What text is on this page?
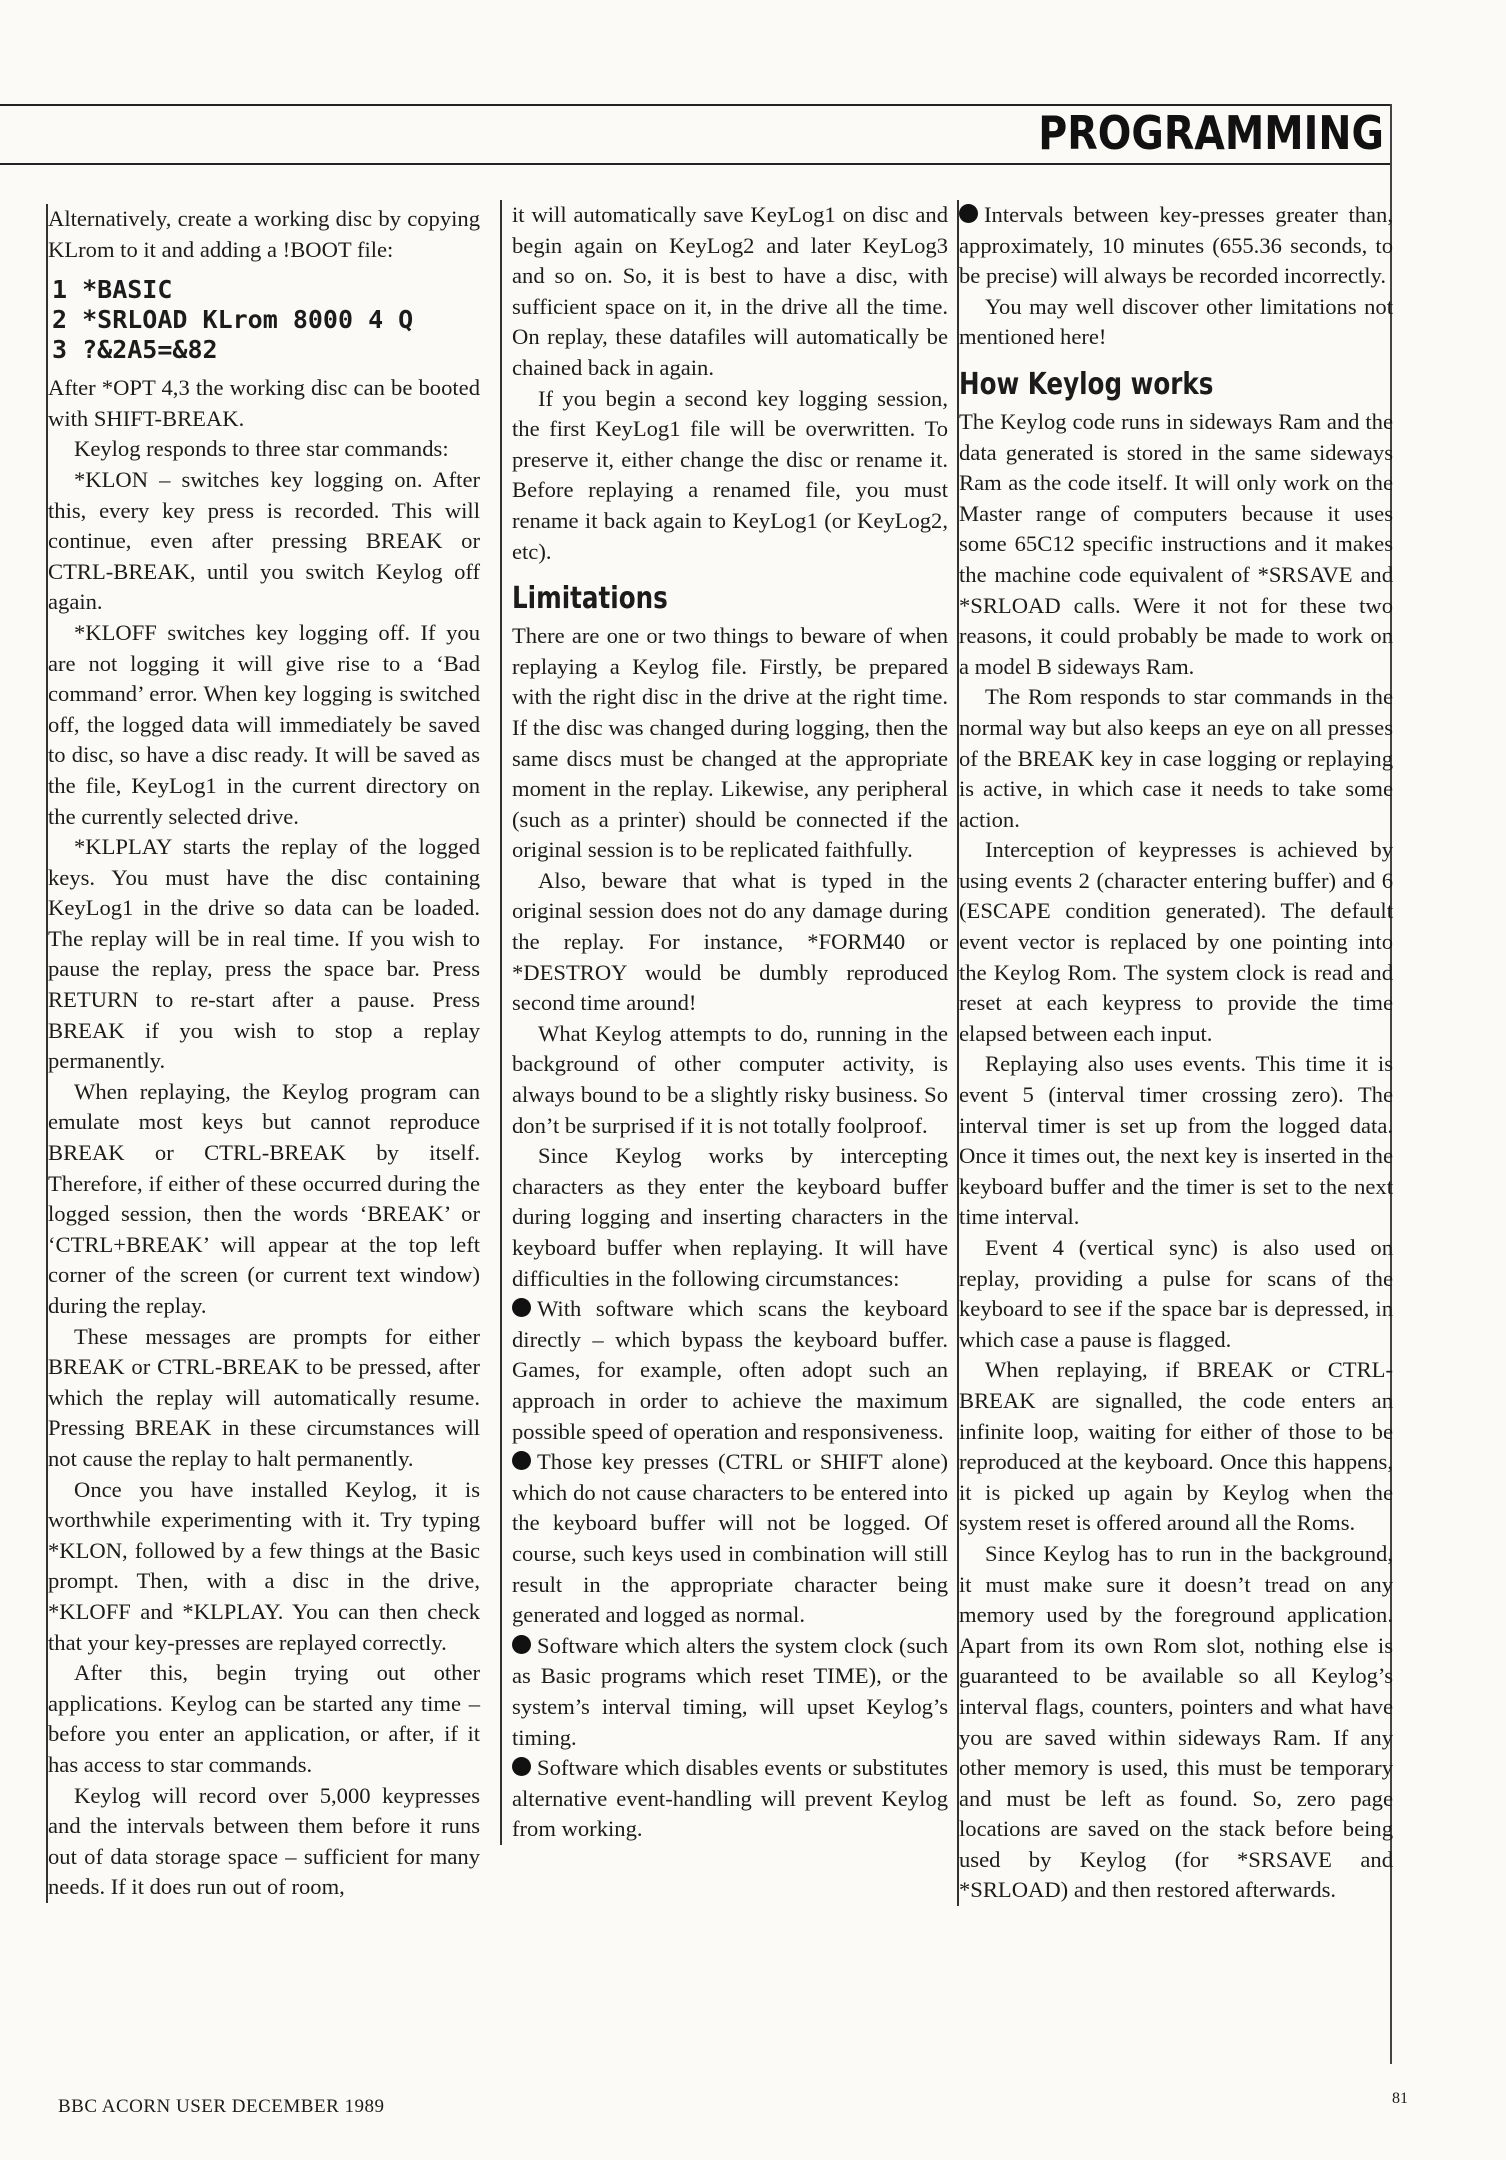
PROGRAMMING

Alternatively, create a working disc by copying KLrom to it and adding a !BOOT file:

1 *BASIC
2 *SRLOAD KLrom 8000 4 Q
3 ?&2A5=&82

After *OPT 4,3 the working disc can be booted with SHIFT-BREAK.

Keylog responds to three star commands:

*KLON – switches key logging on. After this, every key press is recorded. This will continue, even after pressing BREAK or CTRL-BREAK, until you switch Keylog off again.

*KLOFF switches key logging off. If you are not logging it will give rise to a ‘Bad command’ error. When key logging is switched off, the logged data will immediately be saved to disc, so have a disc ready. It will be saved as the file, KeyLog1 in the current directory on the currently selected drive.

*KLPLAY starts the replay of the logged keys. You must have the disc containing KeyLog1 in the drive so data can be loaded. The replay will be in real time. If you wish to pause the replay, press the space bar. Press RETURN to re-start after a pause. Press BREAK if you wish to stop a replay permanently.

When replaying, the Keylog program can emulate most keys but cannot reproduce BREAK or CTRL-BREAK by itself. Therefore, if either of these occurred during the logged session, then the words ‘BREAK’ or ‘CTRL+BREAK’ will appear at the top left corner of the screen (or current text window) during the replay.

These messages are prompts for either BREAK or CTRL-BREAK to be pressed, after which the replay will automatically resume. Pressing BREAK in these circumstances will not cause the replay to halt permanently.

Once you have installed Keylog, it is worthwhile experimenting with it. Try typing *KLON, followed by a few things at the Basic prompt. Then, with a disc in the drive, *KLOFF and *KLPLAY. You can then check that your key-presses are replayed correctly.

After this, begin trying out other applications. Keylog can be started any time – before you enter an application, or after, if it has access to star commands.

Keylog will record over 5,000 keypresses and the intervals between them before it runs out of data storage space – sufficient for many needs. If it does run out of room,

it will automatically save KeyLog1 on disc and begin again on KeyLog2 and later KeyLog3 and so on. So, it is best to have a disc, with sufficient space on it, in the drive all the time. On replay, these datafiles will automatically be chained back in again.

If you begin a second key logging session, the first KeyLog1 file will be overwritten. To preserve it, either change the disc or rename it. Before replaying a renamed file, you must rename it back again to KeyLog1 (or KeyLog2, etc).

Limitations

There are one or two things to beware of when replaying a Keylog file. Firstly, be prepared with the right disc in the drive at the right time. If the disc was changed during logging, then the same discs must be changed at the appropriate moment in the replay. Likewise, any peripheral (such as a printer) should be connected if the original session is to be replicated faithfully.

Also, beware that what is typed in the original session does not do any damage during the replay. For instance, *FORM40 or *DESTROY would be dumbly reproduced second time around!

What Keylog attempts to do, running in the background of other computer activity, is always bound to be a slightly risky business. So don’t be surprised if it is not totally foolproof.

Since Keylog works by intercepting characters as they enter the keyboard buffer during logging and inserting characters in the keyboard buffer when replaying. It will have difficulties in the following circumstances:

With software which scans the keyboard directly – which bypass the keyboard buffer. Games, for example, often adopt such an approach in order to achieve the maximum possible speed of operation and responsiveness.

Those key presses (CTRL or SHIFT alone) which do not cause characters to be entered into the keyboard buffer will not be logged. Of course, such keys used in combination will still result in the appropriate character being generated and logged as normal.

Software which alters the system clock (such as Basic programs which reset TIME), or the system’s interval timing, will upset Keylog’s timing.

Software which disables events or substitutes alternative event-handling will prevent Keylog from working.

Intervals between key-presses greater than, approximately, 10 minutes (655.36 seconds, to be precise) will always be recorded incorrectly.

You may well discover other limitations not mentioned here!

How Keylog works

The Keylog code runs in sideways Ram and the data generated is stored in the same sideways Ram as the code itself. It will only work on the Master range of computers because it uses some 65C12 specific instructions and it makes the machine code equivalent of *SRSAVE and *SRLOAD calls. Were it not for these two reasons, it could probably be made to work on a model B sideways Ram.

The Rom responds to star commands in the normal way but also keeps an eye on all presses of the BREAK key in case logging or replaying is active, in which case it needs to take some action.

Interception of keypresses is achieved by using events 2 (character entering buffer) and 6 (ESCAPE condition generated). The default event vector is replaced by one pointing into the Keylog Rom. The system clock is read and reset at each keypress to provide the time elapsed between each input.

Replaying also uses events. This time it is event 5 (interval timer crossing zero). The interval timer is set up from the logged data. Once it times out, the next key is inserted in the keyboard buffer and the timer is set to the next time interval.

Event 4 (vertical sync) is also used on replay, providing a pulse for scans of the keyboard to see if the space bar is depressed, in which case a pause is flagged.

When replaying, if BREAK or CTRL-BREAK are signalled, the code enters an infinite loop, waiting for either of those to be reproduced at the keyboard. Once this happens, it is picked up again by Keylog when the system reset is offered around all the Roms.

Since Keylog has to run in the background, it must make sure it doesn’t tread on any memory used by the foreground application. Apart from its own Rom slot, nothing else is guaranteed to be available so all Keylog’s interval flags, counters, pointers and what have you are saved within sideways Ram. If any other memory is used, this must be temporary and must be left as found. So, zero page locations are saved on the stack before being used by Keylog (for *SRSAVE and *SRLOAD) and then restored afterwards.

BBC ACORN USER DECEMBER 1989	81
